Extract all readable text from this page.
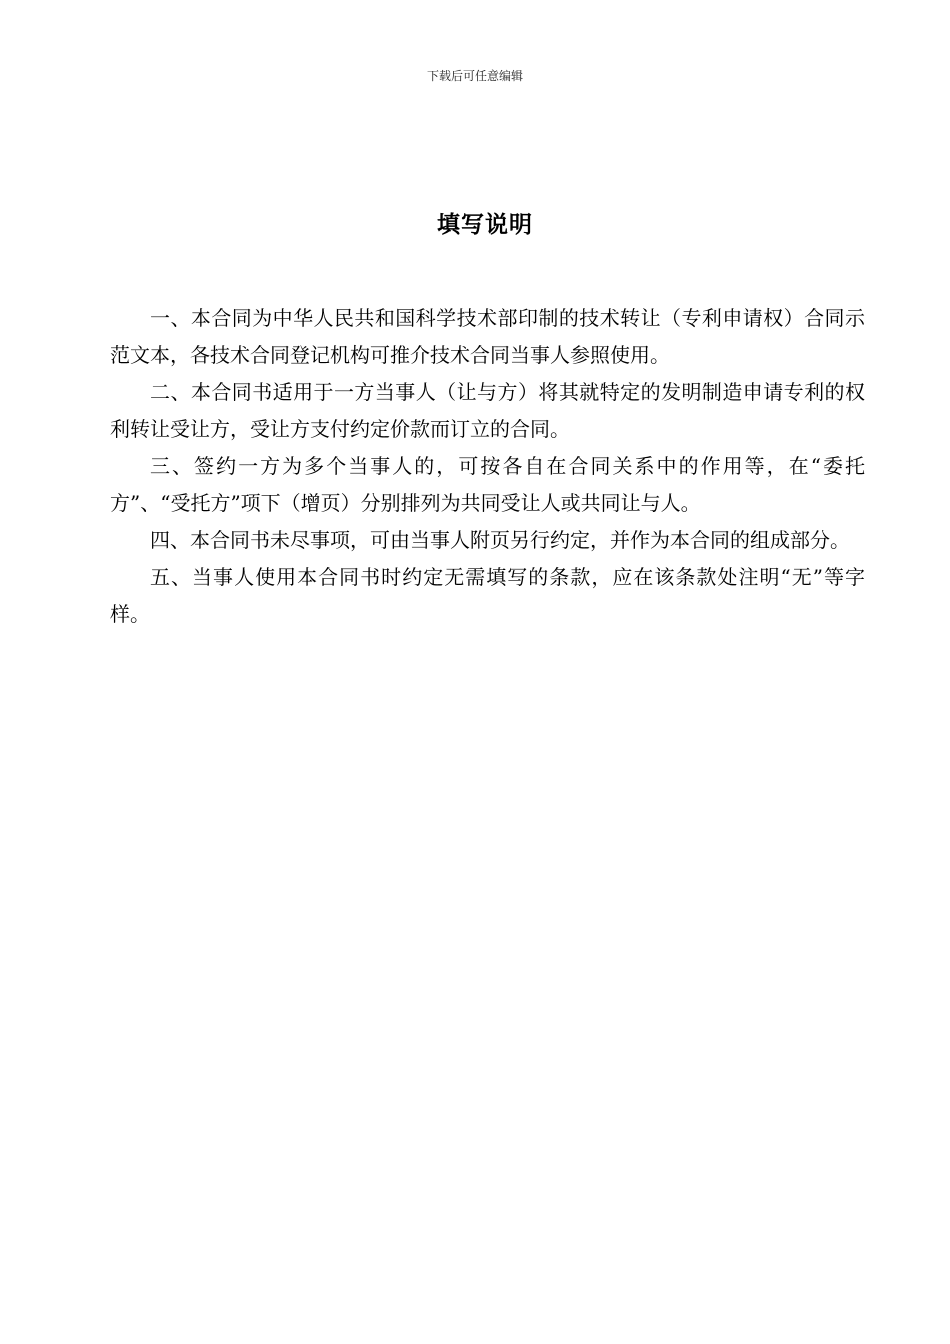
下载后可任意编辑
填写说明

一、本合同为中华人民共和国科学技术部印制的技术转让（专利申请权）合同示范文本，各技术合同登记机构可推介技术合同当事人参照使用。

二、本合同书适用于一方当事人（让与方）将其就特定的发明制造申请专利的权利转让受让方，受让方支付约定价款而订立的合同。

三、签约一方为多个当事人的，可按各自在合同关系中的作用等，在“委托方”、“受托方”项下（增页）分别排列为共同受让人或共同让与人。

四、本合同书未尽事项，可由当事人附页另行约定，并作为本合同的组成部分。

五、当事人使用本合同书时约定无需填写的条款，应在该条款处注明“无”等字样。
